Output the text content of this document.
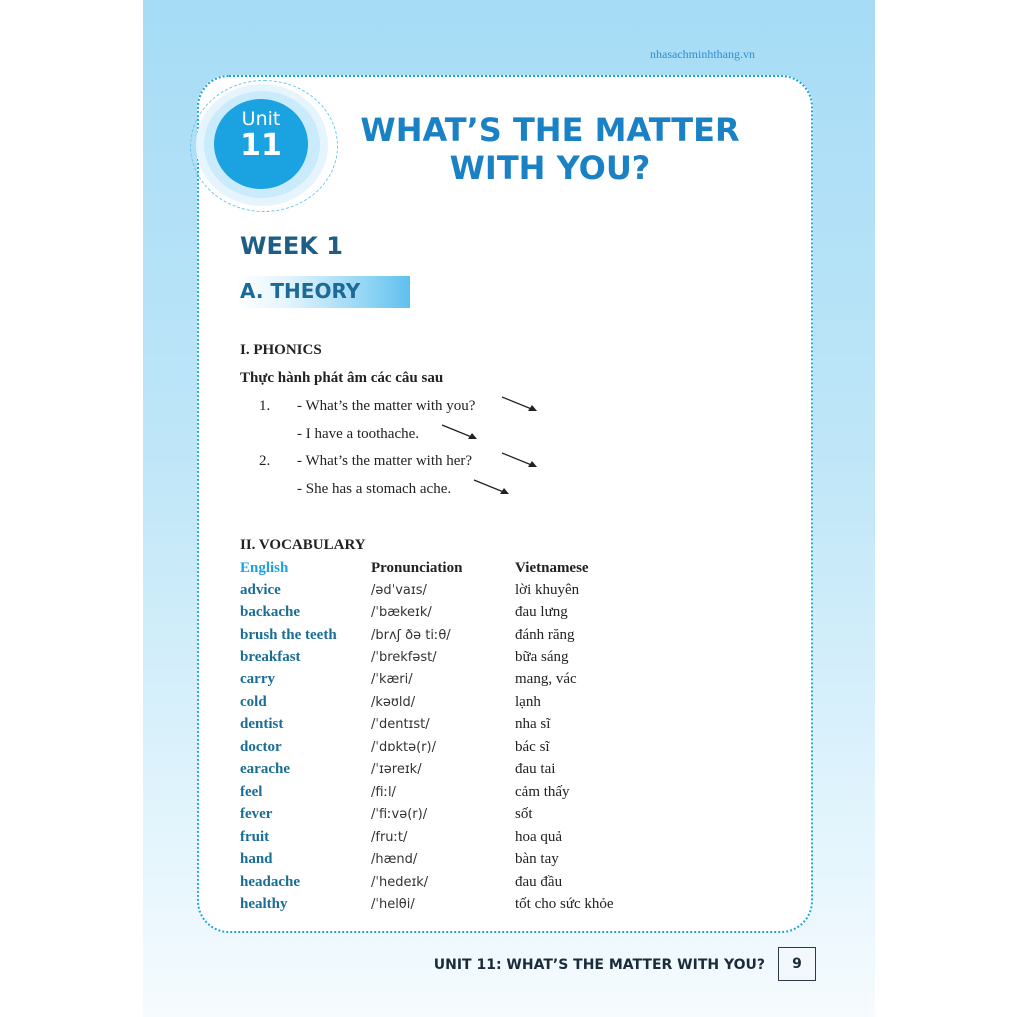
nhasachminhthang.vn
Unit
11	WHAT’S THE MATTER
WITH YOU?
WEEK 1
A. THEORY
I. PHONICS
Thực hành phát âm các câu sau
1. - What’s the matter with you?
- I have a toothache.
2. - What’s the matter with her?
- She has a stomach ache.
II. VOCABULARY
English	Pronunciation	Vietnamese
advice	/ədˈvaɪs/	lời khuyên
backache	/ˈbækeɪk/	đau lưng
brush the teeth	/brʌʃ ðə tiːθ/	đánh răng
breakfast	/ˈbrekfəst/	bữa sáng
carry	/ˈkæri/	mang, vác
cold	/kəʊld/	lạnh
dentist	/ˈdentɪst/	nha sĩ
doctor	/ˈdɒktə(r)/	bác sĩ
earache	/ˈɪəreɪk/	đau tai
feel	/fiːl/	cảm thấy
fever	/ˈfiːvə(r)/	sốt
fruit	/fruːt/	hoa quả
hand	/hænd/	bàn tay
headache	/ˈhedeɪk/	đau đầu
healthy	/ˈhelθi/	tốt cho sức khỏe
UNIT 11: WHAT’S THE MATTER WITH YOU?	9
